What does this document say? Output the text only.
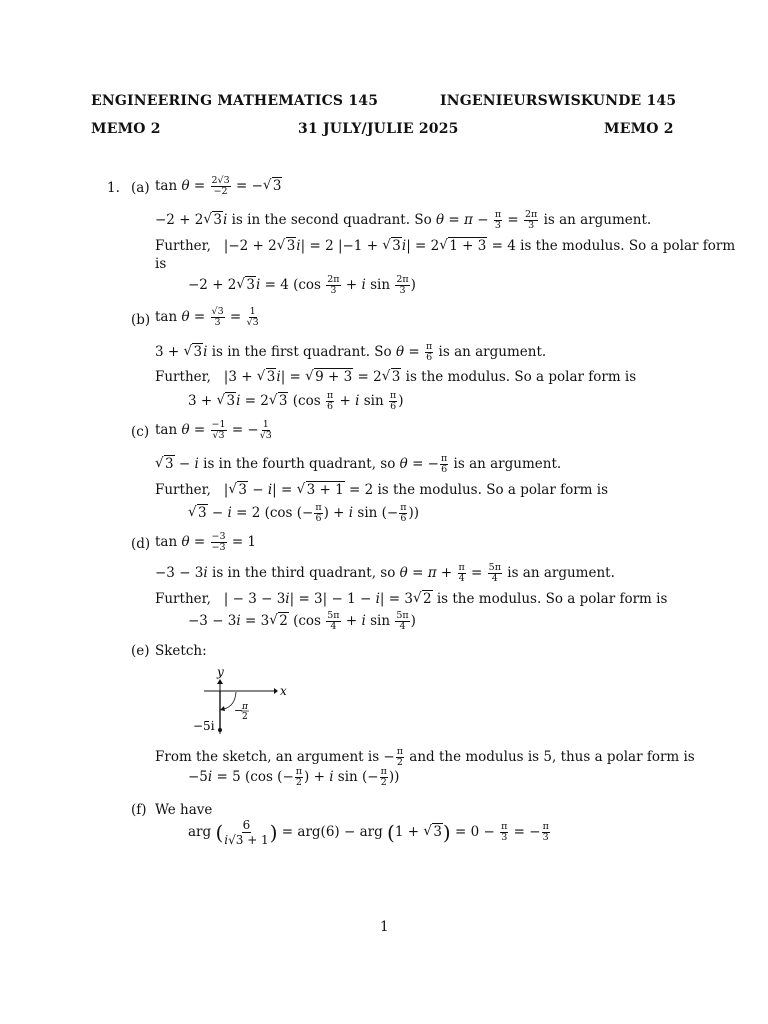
ENGINEERING MATHEMATICS 145	INGENIEURSWISKUNDE 145
MEMO 2	31 JULY/JULIE 2025	MEMO 2
1. (a) $\tan \theta = \frac{2√3}{-2}$ = − √ 3
−2 + 2 √ 3i is in the second quadrant. So $\theta = \pi - \frac{\pi}{3} = \frac{2\pi}{3}$ is an argument.
Further,   |−2 + 2 √ 3i| = 2 |−1 + √ 3i| = 2 √ 1 + 3 = 4 is the modulus. So a polar form
is
−2 + 2 √ 3i = 4 ($\cos \frac{2\pi}{3} + i$ $\sin \frac{2\pi}{3}$ )
(b) $\tan \theta = \frac{√3}{3} = \frac{1}{√3}$
3 + √ 3i is in the first quadrant. So $\theta = \frac{\pi}{6}$ is an argument.
Further,   |3 + √ 3i| = √ 9 + 3 = 2 √ 3 is the modulus. So a polar form is
3 + √ 3i = 2 √ 3 ($\cos \frac{\pi}{6} + i$ $\sin \frac{\pi}{6}$ )
(c) $\tan \theta = \frac{-1}{√3}$ = − $\frac{1}{√3}$
√ 3 − i is in the fourth quadrant, so θ = − $\frac{\pi}{6}$ is an argument.
Further,   | √ 3 − i| = √ 3 + 1 = 2 is the modulus. So a polar form is
√ 3 − i = 2 (cos (− $\frac{\pi}{6}$ ) + i sin (− $\frac{\pi}{6}$ ))
(d) $\tan \theta = \frac{-3}{-3} = 1$
−3 − 3i is in the third quadrant, so $\theta = \pi + \frac{\pi}{4} = \frac{5\pi}{4}$ is an argument.
Further,   | − 3 − 3i| = 3| − 1 − i| = 3 √ 2 is the modulus. So a polar form is
−3 − 3i = 3 √ 2 ($\cos \frac{5\pi}{4} + i$ $\sin \frac{5\pi}{4}$ )
(e) Sketch:
y
x
−
π
2
−5i
From the sketch, an argument is − $\frac{\pi}{2}$ and the modulus is 5, thus a polar form is
−5i = 5 (cos (− $\frac{\pi}{2}$ ) + i sin (− $\frac{\pi}{2}$ ))
(f) We have
arg ( $\frac{6}{i√3 + 1}$ ) = arg(6) − arg (1 + √ $3) = 0 - \frac{\pi}{3}$ = − $\frac{\pi}{3}$
1
